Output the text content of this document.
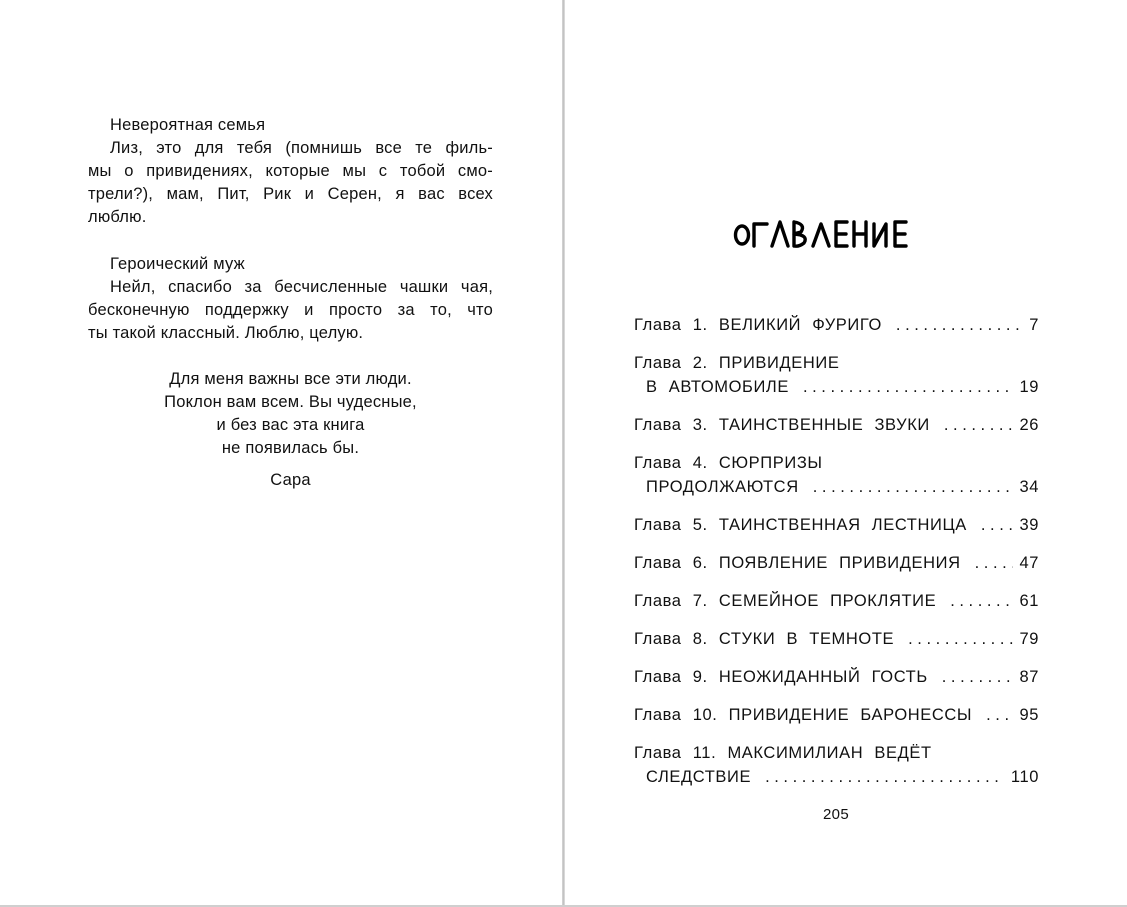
Невероятная семья
Лиз, это для тебя (помнишь все те филь-
мы о привидениях, которые мы с тобой смо-
трели?), мам, Пит, Рик и Серен, я вас всех
люблю.
Героический муж
Нейл, спасибо за бесчисленные чашки чая,
бесконечную поддержку и просто за то, что
ты такой классный. Люблю, целую.
Для меня важны все эти люди.
Поклон вам всем. Вы чудесные,
и без вас эта книга
не появилась бы.
Сара
Глава 1. ВЕЛИКИЙ ФУРИГО . . .	7
Глава 2. ПРИВИДЕНИЕ
В АВТОМОБИЛЕ . . .	19
Глава 3. ТАИНСТВЕННЫЕ ЗВУКИ . . .	26
Глава 4. СЮРПРИЗЫ
ПРОДОЛЖАЮТСЯ . . .	34
Глава 5. ТАИНСТВЕННАЯ ЛЕСТНИЦА . . .	39
Глава 6. ПОЯВЛЕНИЕ ПРИВИДЕНИЯ . . .	47
Глава 7. СЕМЕЙНОЕ ПРОКЛЯТИЕ . . .	61
Глава 8. СТУКИ В ТЕМНОТЕ . . .	79
Глава 9. НЕОЖИДАННЫЙ ГОСТЬ . . .	87
Глава 10. ПРИВИДЕНИЕ БАРОНЕССЫ . . .	95
Глава 11. МАКСИМИЛИАН ВЕДЁТ
СЛЕДСТВИЕ . . .	110
205
